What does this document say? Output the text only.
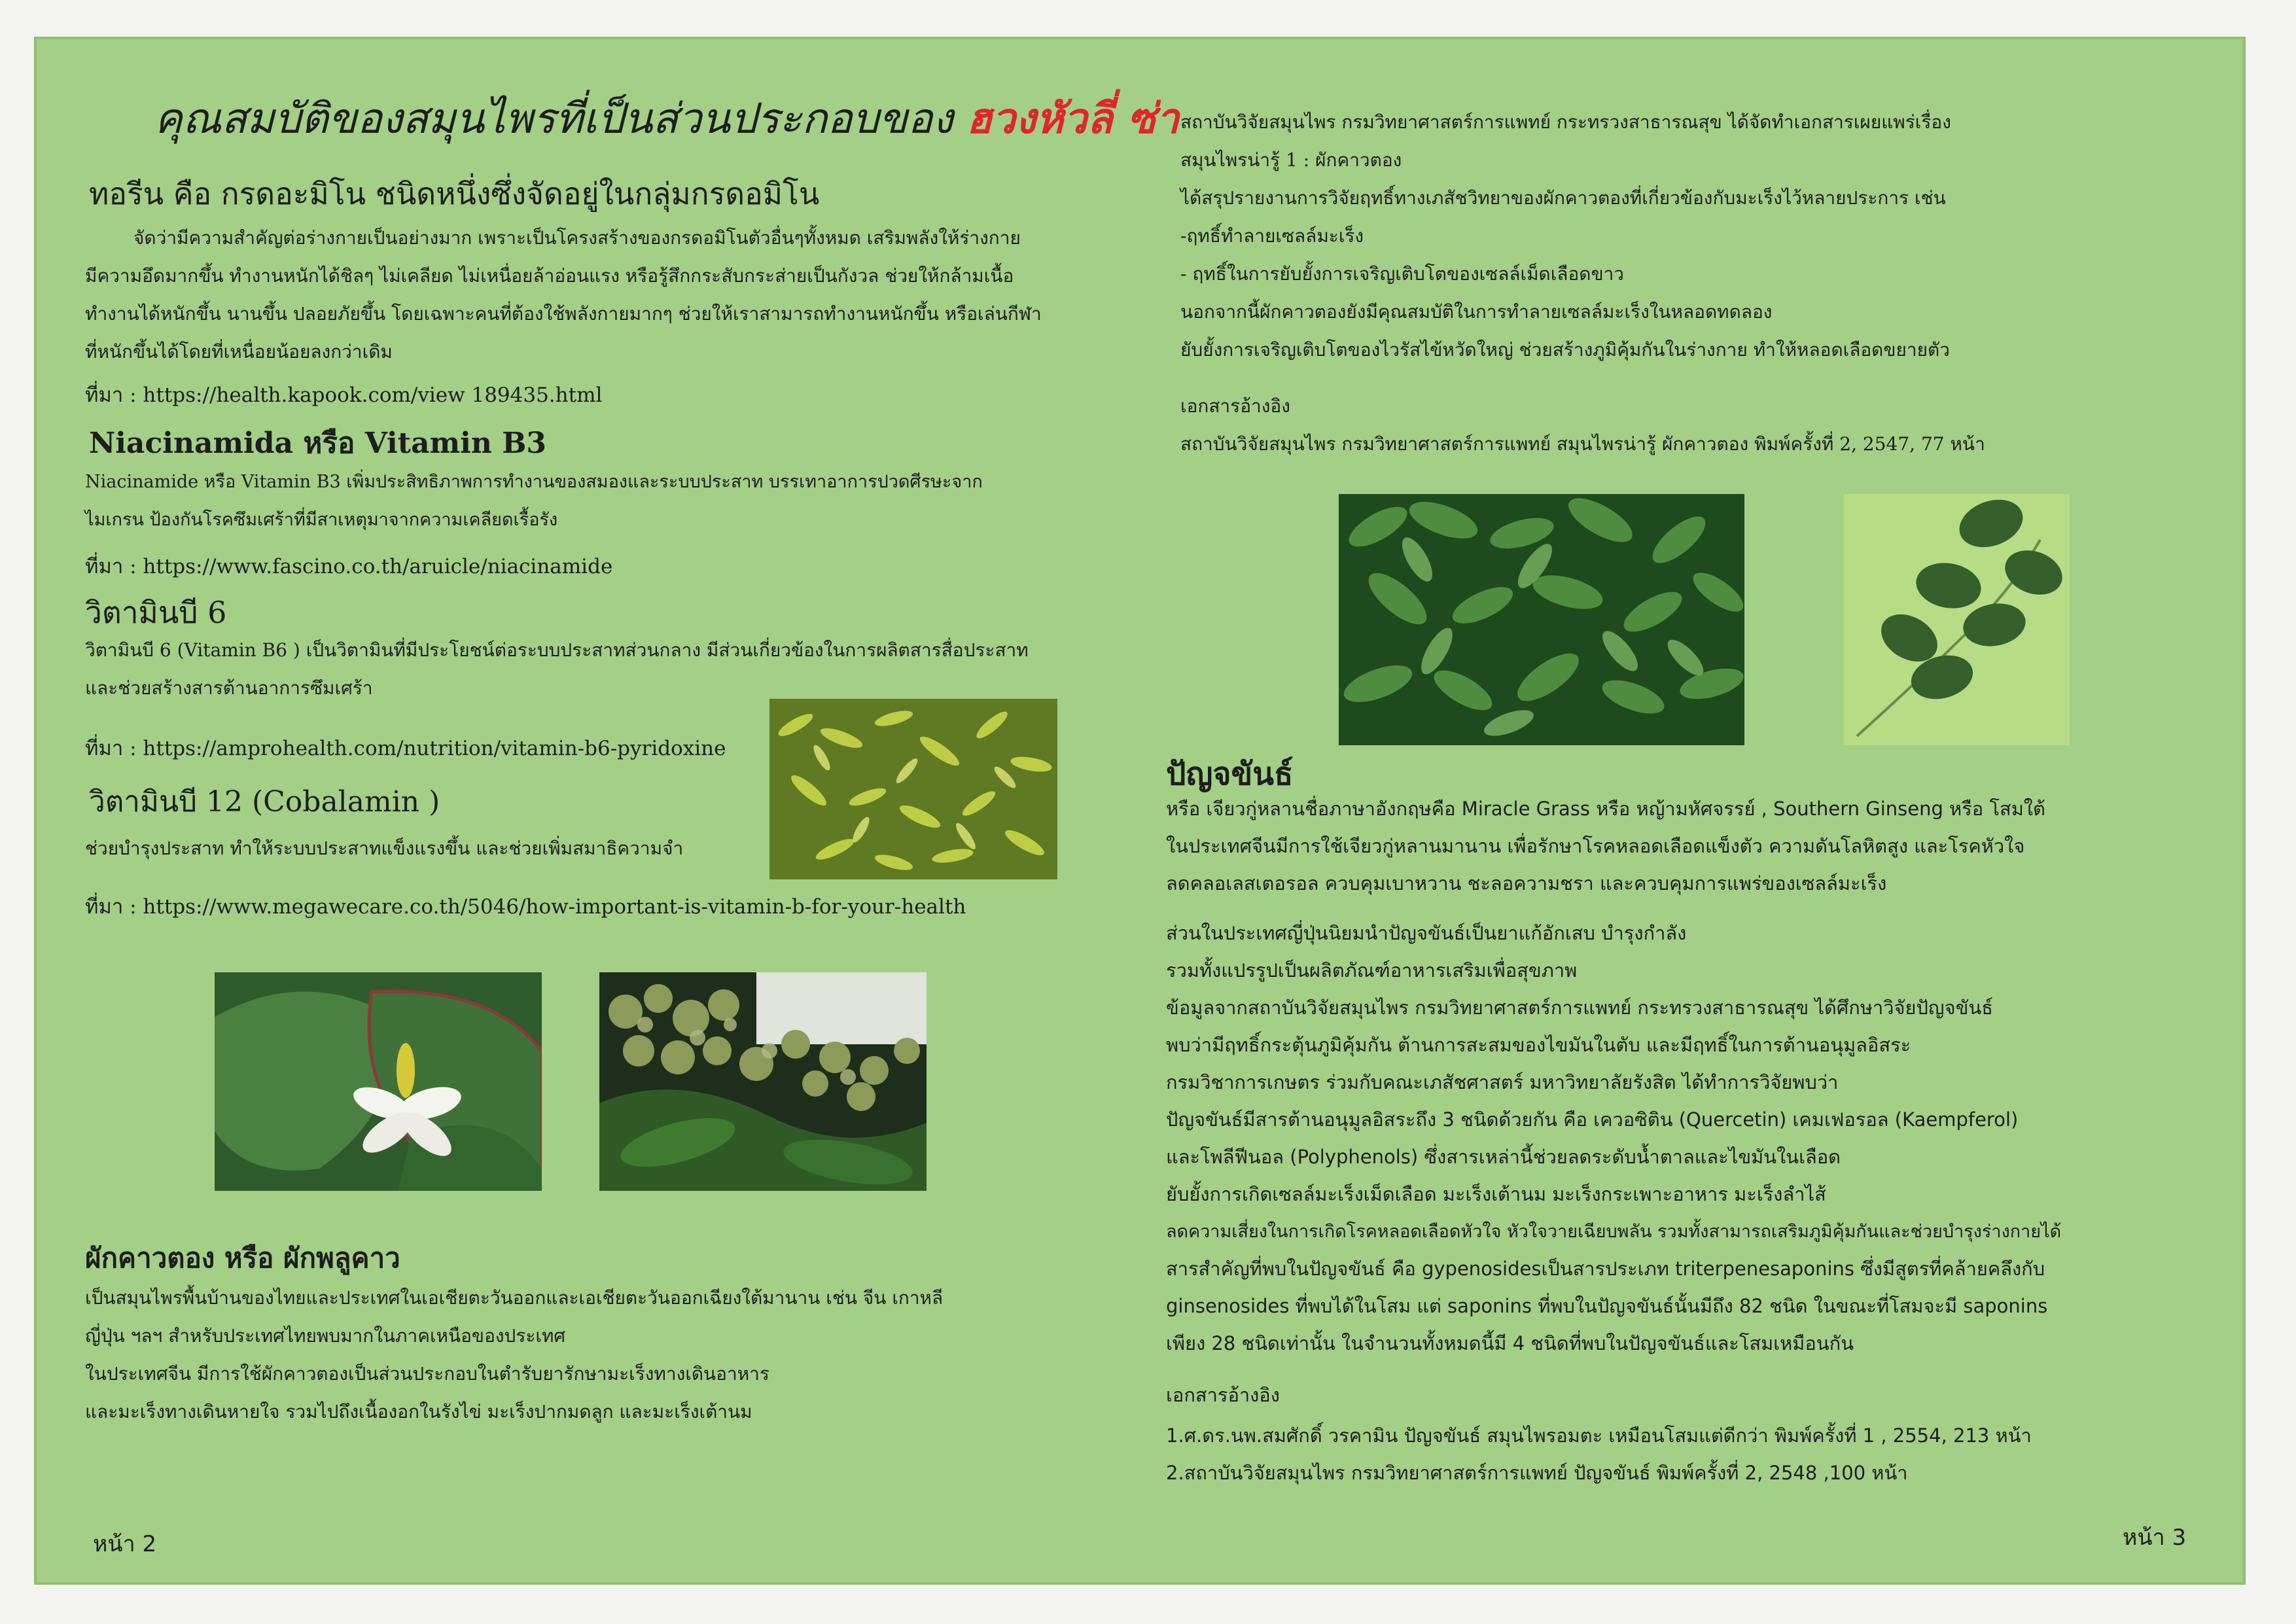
คุณสมบัติของสมุนไพรที่เป็นส่วนประกอบของ ฮวงหัวลี่ ซ่า
ทอรีน คือ กรดอะมิโน ชนิดหนึ่งซึ่งจัดอยู่ในกลุ่มกรดอมิโน
จัดว่ามีความสำคัญต่อร่างกายเป็นอย่างมาก เพราะเป็นโครงสร้างของกรดอมิโนตัวอื่นๆทั้งหมด เสริมพลังให้ร่างกาย
มีความอึดมากขึ้น ทำงานหนักได้ชิลๆ ไม่เคลียด ไม่เหนื่อยล้าอ่อนแรง หรือรู้สึกกระสับกระส่ายเป็นกังวล ช่วยให้กล้ามเนื้อ
ทำงานได้หนักขึ้น นานขึ้น ปลอยภัยขึ้น โดยเฉพาะคนที่ต้องใช้พลังกายมากๆ ช่วยให้เราสามารถทำงานหนักขึ้น หรือเล่นกีฬา
ที่หนักขึ้นได้โดยที่เหนื่อยน้อยลงกว่าเดิม
ที่มา : https://health.kapook.com/view 189435.html
Niacinamida หรือ Vitamin B3
Niacinamide หรือ Vitamin B3 เพิ่มประสิทธิภาพการทำงานของสมองและระบบประสาท บรรเทาอาการปวดศีรษะจาก
ไมเกรน ป้องกันโรคซึมเศร้าที่มีสาเหตุมาจากความเคลียดเรื้อรัง
ที่มา : https://www.fascino.co.th/aruicle/niacinamide
วิตามินบี 6
วิตามินบี 6 (Vitamin B6 ) เป็นวิตามินที่มีประโยชน์ต่อระบบประสาทส่วนกลาง มีส่วนเกี่ยวข้องในการผลิตสารสื่อประสาท
และช่วยสร้างสารต้านอาการซึมเศร้า
ที่มา : https://amprohealth.com/nutrition/vitamin-b6-pyridoxine
วิตามินบี 12 (Cobalamin )
ช่วยบำรุงประสาท ทำให้ระบบประสาทแข็งแรงขึ้น และช่วยเพิ่มสมาธิความจำ
ที่มา : https://www.megawecare.co.th/5046/how-important-is-vitamin-b-for-your-health
ผักคาวตอง หรือ ผักพลูคาว
เป็นสมุนไพรพื้นบ้านของไทยและประเทศในเอเชียตะวันออกและเอเชียตะวันออกเฉียงใต้มานาน เช่น จีน เกาหลี
ญี่ปุ่น ฯลฯ สำหรับประเทศไทยพบมากในภาคเหนือของประเทศ
ในประเทศจีน มีการใช้ผักคาวตองเป็นส่วนประกอบในตำรับยารักษามะเร็งทางเดินอาหาร
และมะเร็งทางเดินหายใจ รวมไปถึงเนื้องอกในรังไข่ มะเร็งปากมดลูก และมะเร็งเต้านม
หน้า 2
สถาบันวิจัยสมุนไพร กรมวิทยาศาสตร์การแพทย์ กระทรวงสาธารณสุข ได้จัดทำเอกสารเผยแพร่เรื่อง
สมุนไพรน่ารู้ 1 : ผักคาวตอง
ได้สรุปรายงานการวิจัยฤทธิ์ทางเภสัชวิทยาของผักคาวตองที่เกี่ยวข้องกับมะเร็งไว้หลายประการ เช่น
-ฤทธิ์ทำลายเซลล์มะเร็ง
- ฤทธิ์ในการยับยั้งการเจริญเติบโตของเซลล์เม็ดเลือดขาว
นอกจากนี้ผักคาวตองยังมีคุณสมบัติในการทำลายเซลล์มะเร็งในหลอดทดลอง
ยับยั้งการเจริญเติบโตของไวรัสไข้หวัดใหญ่ ช่วยสร้างภูมิคุ้มกันในร่างกาย ทำให้หลอดเลือดขยายตัว
เอกสารอ้างอิง
สถาบันวิจัยสมุนไพร กรมวิทยาศาสตร์การแพทย์ สมุนไพรน่ารู้ ผักคาวตอง พิมพ์ครั้งที่ 2, 2547, 77 หน้า
ปัญจขันธ์
หรือ เจียวกู่หลานชื่อภาษาอังกฤษคือ Miracle Grass หรือ หญ้ามหัศจรรย์ , Southern Ginseng หรือ โสมใต้
ในประเทศจีนมีการใช้เจียวกู่หลานมานาน เพื่อรักษาโรคหลอดเลือดแข็งตัว ความดันโลหิตสูง และโรคหัวใจ
ลดคลอเลสเตอรอล ควบคุมเบาหวาน ชะลอความชรา และควบคุมการแพร่ของเซลล์มะเร็ง
ส่วนในประเทศญี่ปุ่นนิยมนำปัญจขันธ์เป็นยาแก้อักเสบ บำรุงกำลัง
รวมทั้งแปรรูปเป็นผลิตภัณฑ์อาหารเสริมเพื่อสุขภาพ
ข้อมูลจากสถาบันวิจัยสมุนไพร กรมวิทยาศาสตร์การแพทย์ กระทรวงสาธารณสุข ได้ศึกษาวิจัยปัญจขันธ์
พบว่ามีฤทธิ์กระตุ้นภูมิคุ้มกัน ต้านการสะสมของไขมันในตับ และมีฤทธิ์ในการต้านอนุมูลอิสระ
กรมวิชาการเกษตร ร่วมกับคณะเภสัชศาสตร์ มหาวิทยาลัยรังสิต ได้ทำการวิจัยพบว่า
ปัญจขันธ์มีสารต้านอนุมูลอิสระถึง 3 ชนิดด้วยกัน คือ เควอซิติน (Quercetin) เคมเฟอรอล (Kaempferol)
และโพลีฟีนอล (Polyphenols) ซึ่งสารเหล่านี้ช่วยลดระดับน้ำตาลและไขมันในเลือด
ยับยั้งการเกิดเซลล์มะเร็งเม็ดเลือด มะเร็งเต้านม มะเร็งกระเพาะอาหาร มะเร็งลำไส้
ลดความเสี่ยงในการเกิดโรคหลอดเลือดหัวใจ หัวใจวายเฉียบพลัน รวมทั้งสามารถเสริมภูมิคุ้มกันและช่วยบำรุงร่างกายได้
สารสำคัญที่พบในปัญจขันธ์ คือ gypenosidesเป็นสารประเภท triterpenesaponins ซึ่งมีสูตรที่คล้ายคลึงกับ
ginsenosides ที่พบได้ในโสม แต่ saponins ที่พบในปัญจขันธ์นั้นมีถึง 82 ชนิด ในขณะที่โสมจะมี saponins
เพียง 28 ชนิดเท่านั้น ในจำนวนทั้งหมดนี้มี 4 ชนิดที่พบในปัญจขันธ์และโสมเหมือนกัน
เอกสารอ้างอิง
1.ศ.ดร.นพ.สมศักดิ์ วรคามิน ปัญจขันธ์ สมุนไพรอมตะ เหมือนโสมแต่ดีกว่า พิมพ์ครั้งที่ 1 , 2554, 213 หน้า
2.สถาบันวิจัยสมุนไพร กรมวิทยาศาสตร์การแพทย์ ปัญจขันธ์ พิมพ์ครั้งที่ 2, 2548 ,100 หน้า
หน้า 3
